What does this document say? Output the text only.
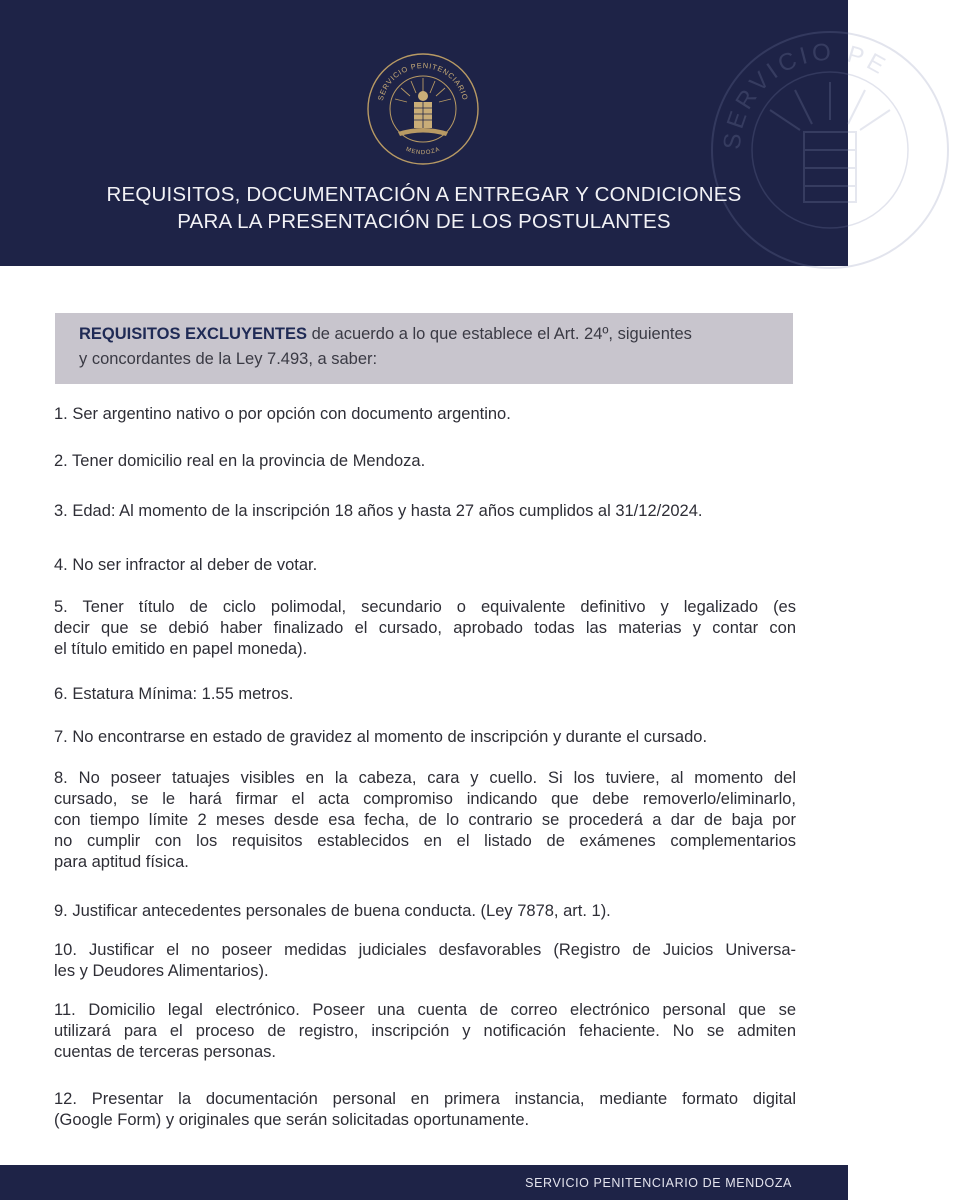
SERVICIO PE
SERVICIO PENITENCIARIO
MENDOZA
REQUISITOS, DOCUMENTACIÓN A ENTREGAR Y CONDICIONES
PARA LA PRESENTACIÓN DE LOS POSTULANTES
REQUISITOS EXCLUYENTES de acuerdo a lo que establece el Art. 24º, siguientes
y concordantes de la Ley 7.493, a saber:
1. Ser argentino nativo o por opción con documento argentino.
2. Tener domicilio real en la provincia de Mendoza.
3. Edad: Al momento de la inscripción 18 años y hasta 27 años cumplidos al 31/12/2024.
4. No ser infractor al deber de votar.
5. Tener título de ciclo polimodal, secundario o equivalente definitivo y legalizado (es
decir que se debió haber finalizado el cursado, aprobado todas las materias y contar con
el título emitido en papel moneda).
6. Estatura Mínima: 1.55 metros.
7. No encontrarse en estado de gravidez al momento de inscripción y durante el cursado.
8. No poseer tatuajes visibles en la cabeza, cara y cuello. Si los tuviere, al momento del
cursado, se le hará firmar el acta compromiso indicando que debe removerlo/eliminarlo,
con tiempo límite 2 meses desde esa fecha, de lo contrario se procederá a dar de baja por
no cumplir con los requisitos establecidos en el listado de exámenes complementarios
para aptitud física.
9. Justificar antecedentes personales de buena conducta. (Ley 7878, art. 1).
10. Justificar el no poseer medidas judiciales desfavorables (Registro de Juicios Universa-
les y Deudores Alimentarios).
11. Domicilio legal electrónico. Poseer una cuenta de correo electrónico personal que se
utilizará para el proceso de registro, inscripción y notificación fehaciente. No se admiten
cuentas de terceras personas.
12. Presentar la documentación personal en primera instancia, mediante formato digital
(Google Form) y originales que serán solicitadas oportunamente.
SERVICIO PENITENCIARIO DE MENDOZA
